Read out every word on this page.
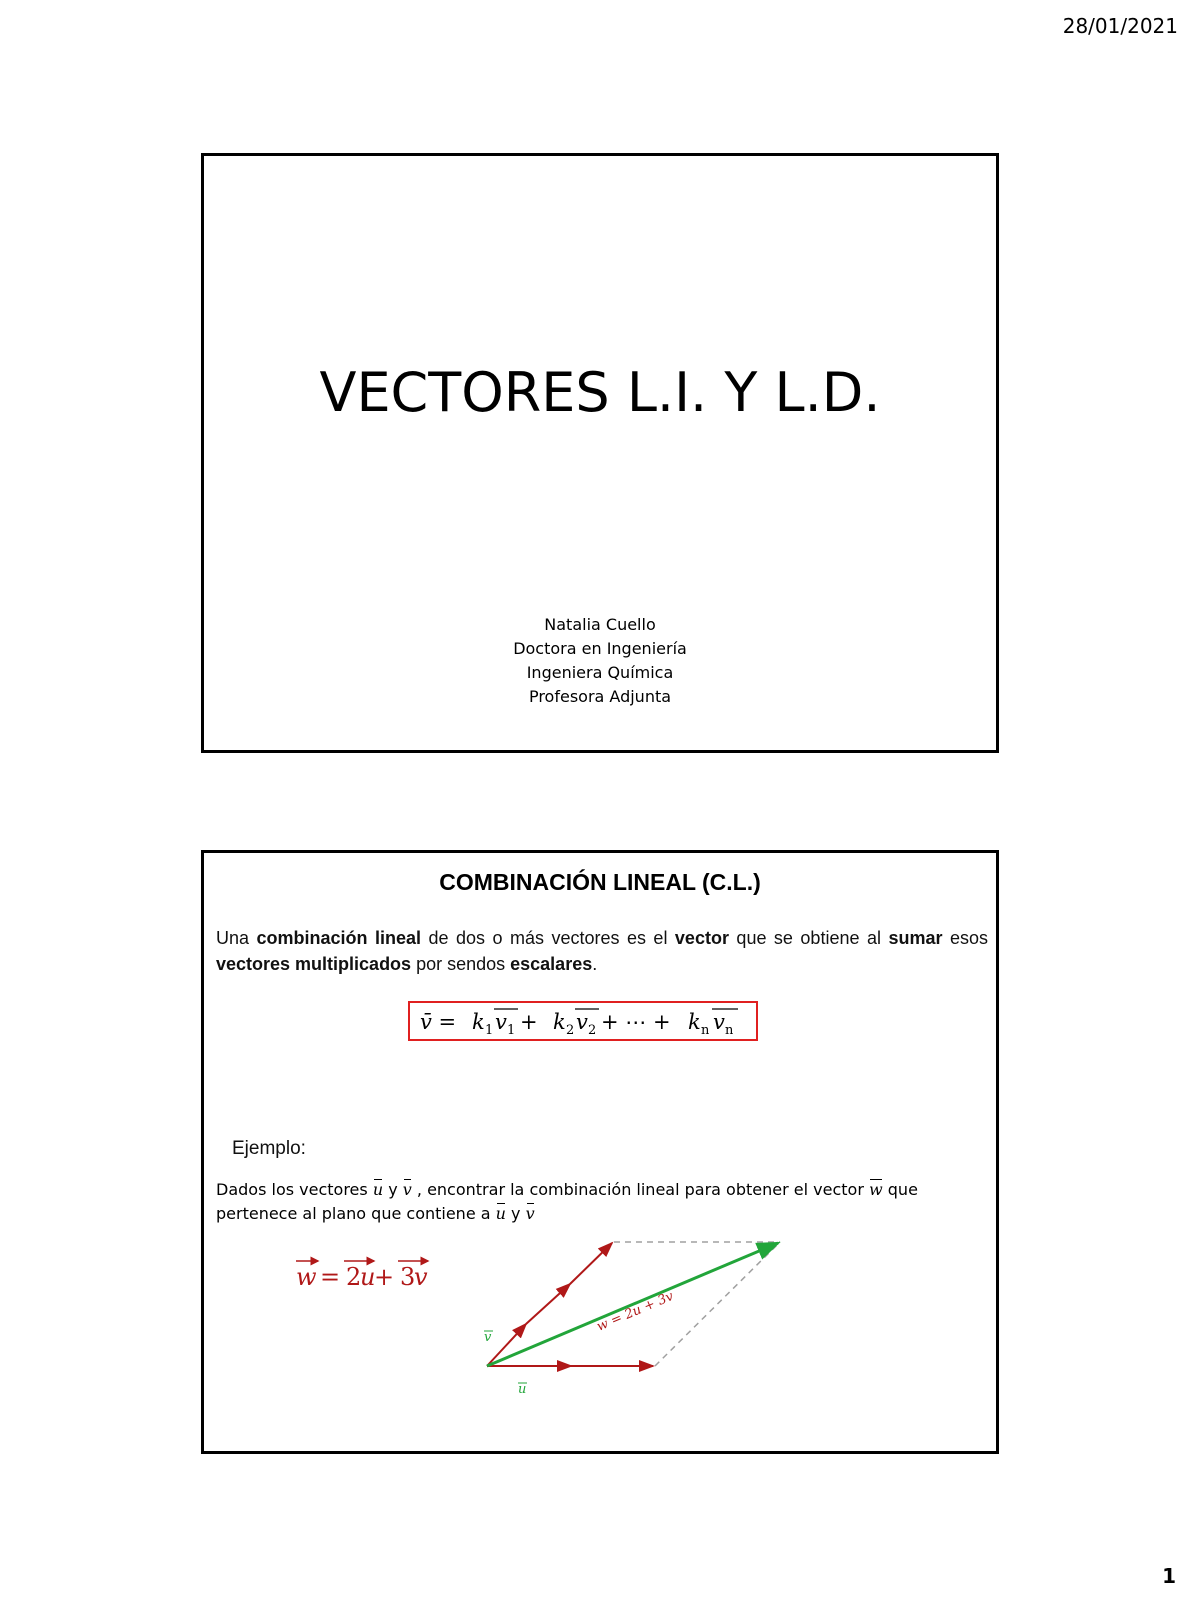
28/01/2021
VECTORES L.I. Y L.D.
Natalia Cuello
Doctora en Ingeniería
Ingeniera Química
Profesora Adjunta
COMBINACIÓN LINEAL (C.L.)
Una combinación lineal de dos o más vectores es el vector que se obtiene al sumar esos vectores multiplicados por sendos escalares.
v̄ = k 1 v 1 + k 2 v 2 + ⋯ + k n v n
Ejemplo:
Dados los vectores u y v , encontrar la combinación lineal para obtener el vector w que pertenece al plano que contiene a u y v
w = 2
u
+ 3
v
v
u
w = 2u + 3v
1
